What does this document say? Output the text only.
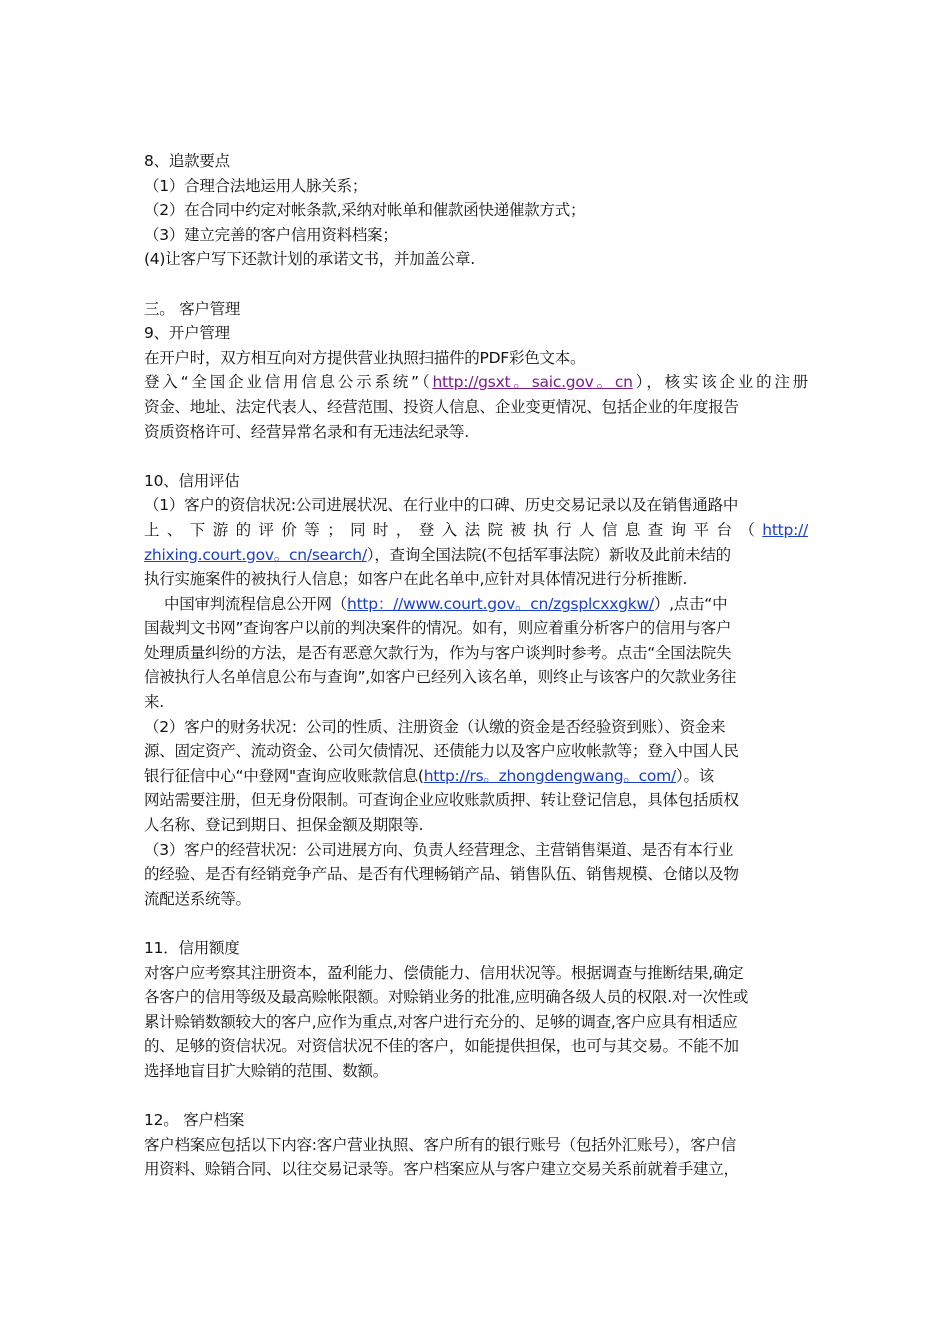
8、追款要点
（1）合理合法地运用人脉关系；
（2）在合同中约定对帐条款,采纳对帐单和催款函快递催款方式；
（3）建立完善的客户信用资料档案；
(4)让客户写下还款计划的承诺文书，并加盖公章.
三。 客户管理
9、开户管理
在开户时，双方相互向对方提供营业执照扫描件的PDF彩色文本。
登入“全国企业信用信息公示系统”（http://gsxt。saic.gov。cn），核实该企业的注册
资金、地址、法定代表人、经营范围、投资人信息、企业变更情况、包括企业的年度报告
资质资格许可、经营异常名录和有无违法纪录等.
10、信用评估
（1）客户的资信状况:公司进展状况、在行业中的口碑、历史交易记录以及在销售通路中
上、下游的评价等；同时，登入法院被执行人信息查询平台（http://
zhixing.court.gov。cn/search/），查询全国法院(不包括军事法院）新收及此前未结的
执行实施案件的被执行人信息；如客户在此名单中,应针对具体情况进行分析推断.
中国审判流程信息公开网（http：//www.court.gov。cn/zgsplcxxgkw/）,点击“中
国裁判文书网”查询客户以前的判决案件的情况。如有，则应着重分析客户的信用与客户
处理质量纠纷的方法，是否有恶意欠款行为，作为与客户谈判时参考。点击“全国法院失
信被执行人名单信息公布与查询”,如客户已经列入该名单，则终止与该客户的欠款业务往
来.
（2）客户的财务状况：公司的性质、注册资金（认缴的资金是否经验资到账）、资金来
源、固定资产、流动资金、公司欠债情况、还债能力以及客户应收帐款等；登入中国人民
银行征信中心“中登网"查询应收账款信息(http://rs。zhongdengwang。com/）。该
网站需要注册，但无身份限制。可查询企业应收账款质押、转让登记信息，具体包括质权
人名称、登记到期日、担保金额及期限等.
（3）客户的经营状况：公司进展方向、负责人经营理念、主营销售渠道、是否有本行业
的经验、是否有经销竞争产品、是否有代理畅销产品、销售队伍、销售规模、仓储以及物
流配送系统等。
11．信用额度
对客户应考察其注册资本，盈利能力、偿债能力、信用状况等。根据调查与推断结果,确定
各客户的信用等级及最高赊帐限额。对赊销业务的批准,应明确各级人员的权限.对一次性或
累计赊销数额较大的客户,应作为重点,对客户进行充分的、足够的调查,客户应具有相适应
的、足够的资信状况。对资信状况不佳的客户，如能提供担保，也可与其交易。不能不加
选择地盲目扩大赊销的范围、数额。
12。 客户档案
客户档案应包括以下内容:客户营业执照、客户所有的银行账号（包括外汇账号），客户信
用资料、赊销合同、以往交易记录等。客户档案应从与客户建立交易关系前就着手建立，
